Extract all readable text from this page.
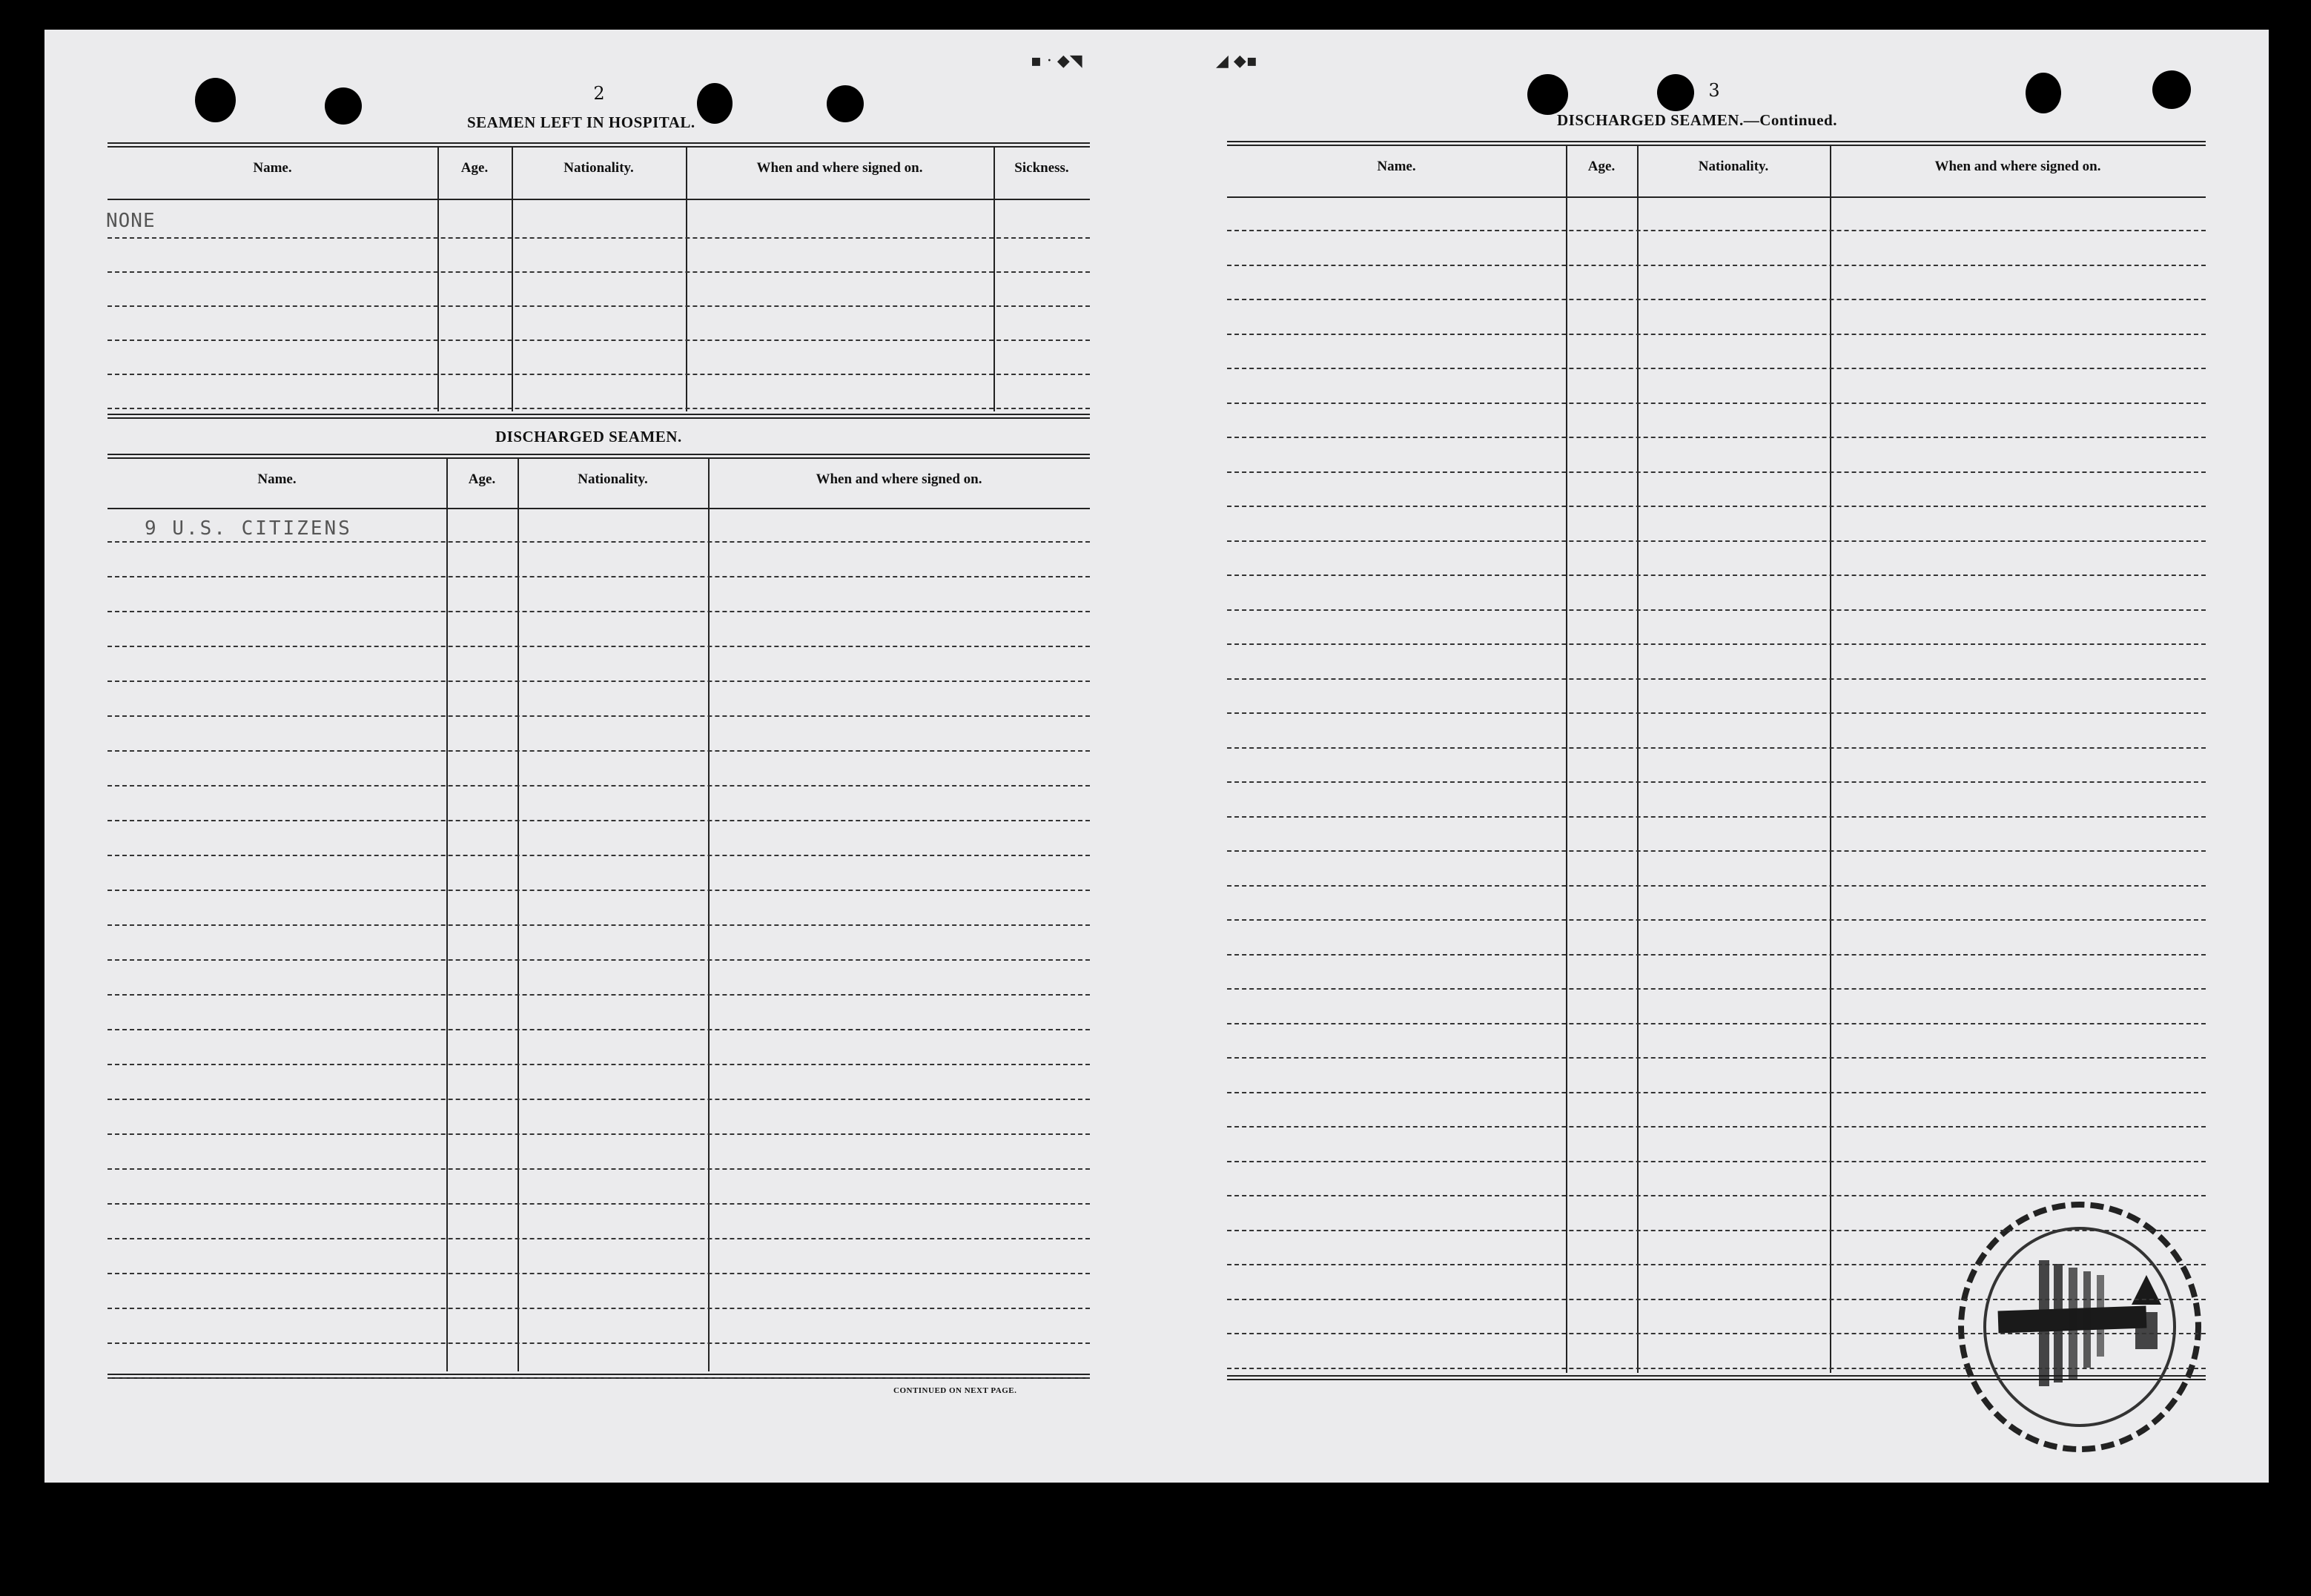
▪ · ◆◥	◢ ◆▪
2
SEAMEN LEFT IN HOSPITAL.
NONE
DISCHARGED SEAMEN.
9 U.S. CITIZENS
CONTINUED ON NEXT PAGE.
3
DISCHARGED SEAMEN.—Continued.
Name.	Age.	Nationality.	When and where signed on.	Sickness.
Name.	Age.	Nationality.	When and where signed on.
Name.	Age.	Nationality.	When and where signed on.
